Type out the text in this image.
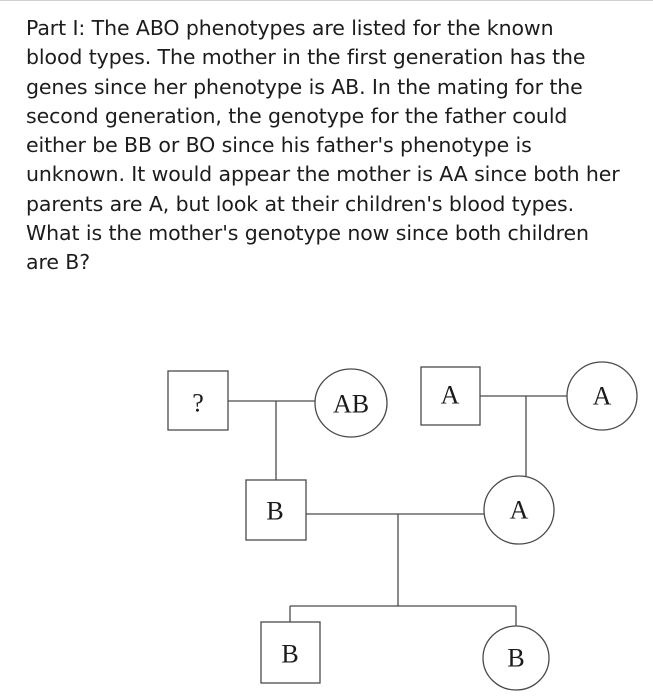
Part I: The ABO phenotypes are listed for the known
blood types. The mother in the first generation has the
genes since her phenotype is AB. In the mating for the
second generation, the genotype for the father could
either be BB or BO since his father's phenotype is
unknown. It would appear the mother is AA since both her
parents are A, but look at their children's blood types.
What is the mother's genotype now since both children
are B?

?	AB	A	A
B	A
B	B
